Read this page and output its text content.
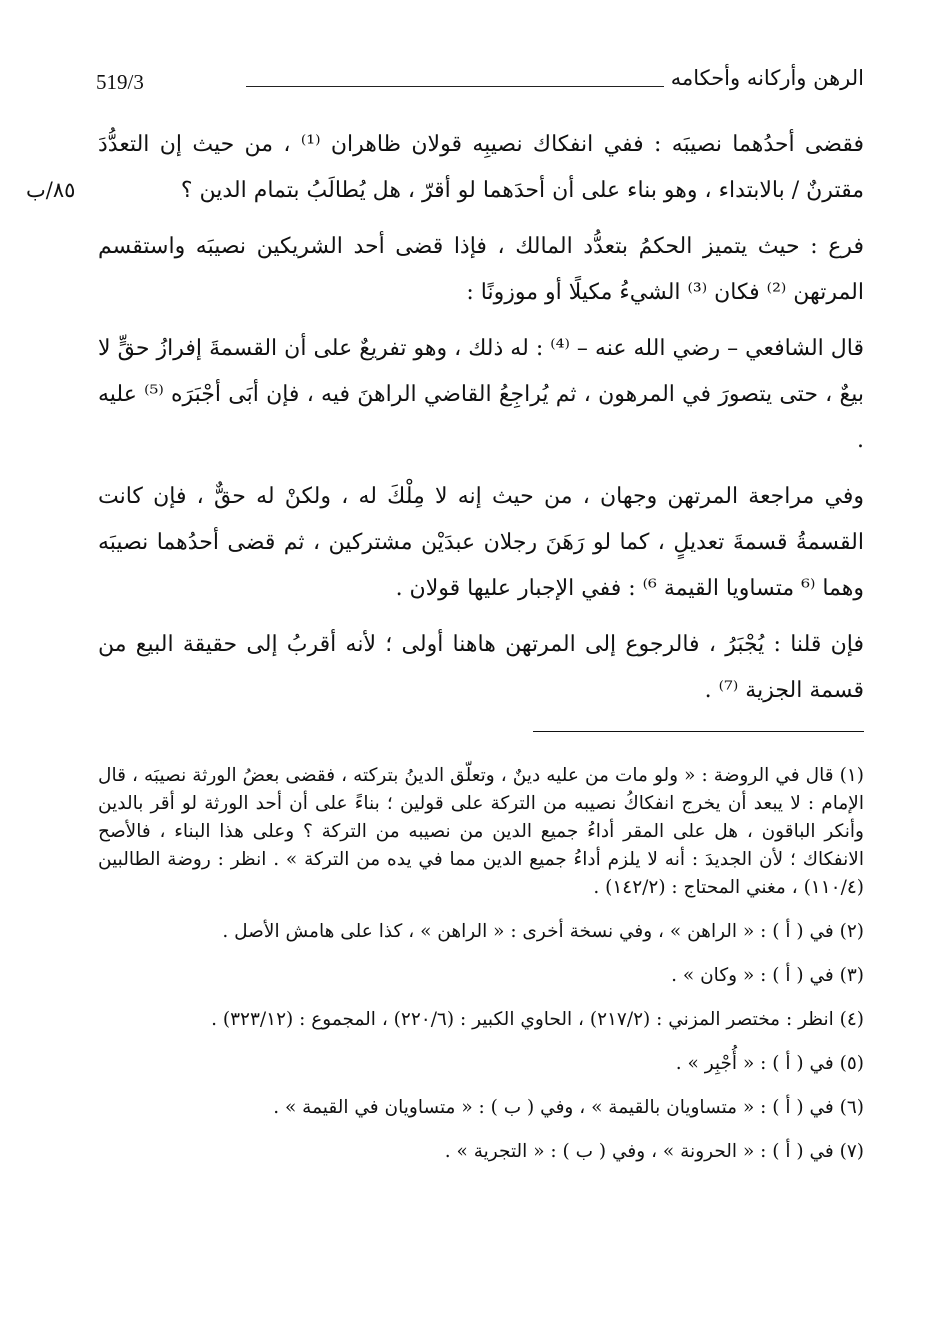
519/3	الرهن وأركانه وأحكامه
٨٥/ب

فقضى أحدُهما نصيبَه : ففي انفكاك نصيبِه قولان ظاهران ⁽¹⁾ ، من حيث إن التعدُّدَ مقترنٌ / بالابتداء ، وهو بناء على أن أحدَهما لو أقرّ ، هل يُطالَبُ بتمام الدين ؟

فرع : حيث يتميز الحكمُ بتعدُّد المالك ، فإذا قضى أحد الشريكين نصيبَه واستقسم المرتهن ⁽²⁾ فكان ⁽³⁾ الشيءُ مكيلًا أو موزونًا :

قال الشافعي – رضي الله عنه – ⁽⁴⁾ : له ذلك ، وهو تفريعٌ على أن القسمةَ إفرازُ حقٍّ لا بيعٌ ، حتى يتصورَ في المرهون ، ثم يُراجِعُ القاضي الراهنَ فيه ، فإن أبَى أجْبَرَه ⁽⁵⁾ عليه .

وفي مراجعة المرتهن وجهان ، من حيث إنه لا مِلْكَ له ، ولكنْ له حقٌّ ، فإن كانت القسمةُ قسمةَ تعديلٍ ، كما لو رَهَنَ رجلان عبدَيْن مشتركين ، ثم قضى أحدُهما نصيبَه وهما ⁽⁶ متساويا القيمة ⁶⁾ : ففي الإجبار عليها قولان .

فإن قلنا : يُجْبَرُ ، فالرجوع إلى المرتهن هاهنا أولى ؛ لأنه أقربُ إلى حقيقة البيع من قسمة الجزية ⁽⁷⁾ .

(١) قال في الروضة : « ولو مات من عليه دينٌ ، وتعلّق الدينُ بتركته ، فقضى بعضُ الورثة نصيبَه ، قال الإمام : لا يبعد أن يخرج انفكاكُ نصيبه من التركة على قولين ؛ بناءً على أن أحد الورثة لو أقر بالدين وأنكر الباقون ، هل على المقر أداءُ جميع الدين من نصيبه من التركة ؟ وعلى هذا البناء ، فالأصح الانفكاك ؛ لأن الجديدَ : أنه لا يلزم أداءُ جميع الدين مما في يده من التركة » . انظر : روضة الطالبين (١١٠/٤) ، مغني المحتاج : (١٤٢/٢) .

(٢) في ( أ ) : « الراهن » ، وفي نسخة أخرى : « الراهن » ، كذا على هامش الأصل .

(٣) في ( أ ) : « وكان » .

(٤) انظر : مختصر المزني : (٢١٧/٢) ، الحاوي الكبير : (٢٢٠/٦) ، المجموع : (٣٢٣/١٢) .

(٥) في ( أ ) : « أُجْبِر » .

(٦) في ( أ ) : « متساويان بالقيمة » ، وفي ( ب ) : « متساويان في القيمة » .

(٧) في ( أ ) : « الحرونة » ، وفي ( ب ) : « التجرية » .
